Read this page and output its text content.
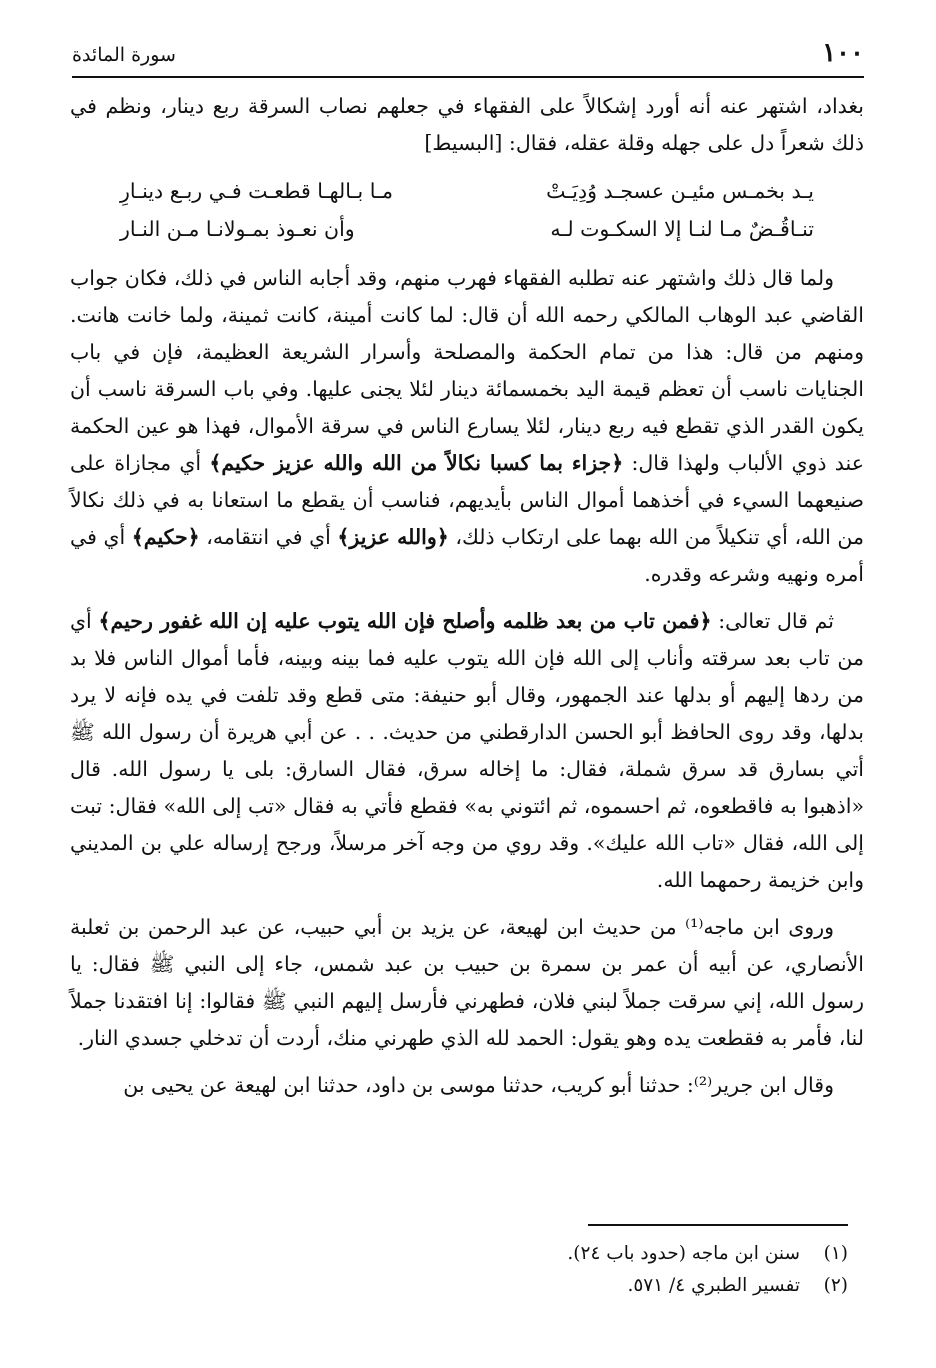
١٠٠
سورة المائدة

بغداد، اشتهر عنه أنه أورد إشكالاً على الفقهاء في جعلهم نصاب السرقة ربع دينار، ونظم في ذلك شعراً دل على جهله وقلة عقله، فقال: [البسيط]

يـد بخمـس مئيـن عسجـد وُدِيَـتْ
مـا بـالهـا قطعـت فـي ربـع دينـارِ
تنـاقُـضٌ مـا لنـا إلا السكـوت لـه
وأن نعـوذ بمـولانـا مـن النـار

ولما قال ذلك واشتهر عنه تطلبه الفقهاء فهرب منهم، وقد أجابه الناس في ذلك، فكان جواب القاضي عبد الوهاب المالكي رحمه الله أن قال: لما كانت أمينة، كانت ثمينة، ولما خانت هانت. ومنهم من قال: هذا من تمام الحكمة والمصلحة وأسرار الشريعة العظيمة، فإن في باب الجنايات ناسب أن تعظم قيمة اليد بخمسمائة دينار لئلا يجنى عليها. وفي باب السرقة ناسب أن يكون القدر الذي تقطع فيه ربع دينار، لئلا يسارع الناس في سرقة الأموال، فهذا هو عين الحكمة عند ذوي الألباب ولهذا قال: ﴿جزاء بما كسبا نكالاً من الله والله عزيز حكيم﴾ أي مجازاة على صنيعهما السيء في أخذهما أموال الناس بأيديهم، فناسب أن يقطع ما استعانا به في ذلك نكالاً من الله، أي تنكيلاً من الله بهما على ارتكاب ذلك، ﴿والله عزيز﴾ أي في انتقامه، ﴿حكيم﴾ أي في أمره ونهيه وشرعه وقدره.

ثم قال تعالى: ﴿فمن تاب من بعد ظلمه وأصلح فإن الله يتوب عليه إن الله غفور رحيم﴾ أي من تاب بعد سرقته وأناب إلى الله فإن الله يتوب عليه فما بينه وبينه، فأما أموال الناس فلا بد من ردها إليهم أو بدلها عند الجمهور، وقال أبو حنيفة: متى قطع وقد تلفت في يده فإنه لا يرد بدلها، وقد روى الحافظ أبو الحسن الدارقطني من حديث. . . عن أبي هريرة أن رسول الله ﷺ أتي بسارق قد سرق شملة، فقال: ما إخاله سرق، فقال السارق: بلى يا رسول الله. قال «اذهبوا به فاقطعوه، ثم احسموه، ثم ائتوني به» فقطع فأتي به فقال «تب إلى الله» فقال: تبت إلى الله، فقال «تاب الله عليك». وقد روي من وجه آخر مرسلاً، ورجح إرساله علي بن المديني وابن خزيمة رحمهما الله.

وروى ابن ماجه⁽¹⁾ من حديث ابن لهيعة، عن يزيد بن أبي حبيب، عن عبد الرحمن بن ثعلبة الأنصاري، عن أبيه أن عمر بن سمرة بن حبيب بن عبد شمس، جاء إلى النبي ﷺ فقال: يا رسول الله، إني سرقت جملاً لبني فلان، فطهرني فأرسل إليهم النبي ﷺ فقالوا: إنا افتقدنا جملاً لنا، فأمر به فقطعت يده وهو يقول: الحمد لله الذي طهرني منك، أردت أن تدخلي جسدي النار.

وقال ابن جرير⁽²⁾: حدثنا أبو كريب، حدثنا موسى بن داود، حدثنا ابن لهيعة عن يحيى بن

(١)
سنن ابن ماجه (حدود باب ٢٤).
(٢)
تفسير الطبري ٤/ ٥٧١.
